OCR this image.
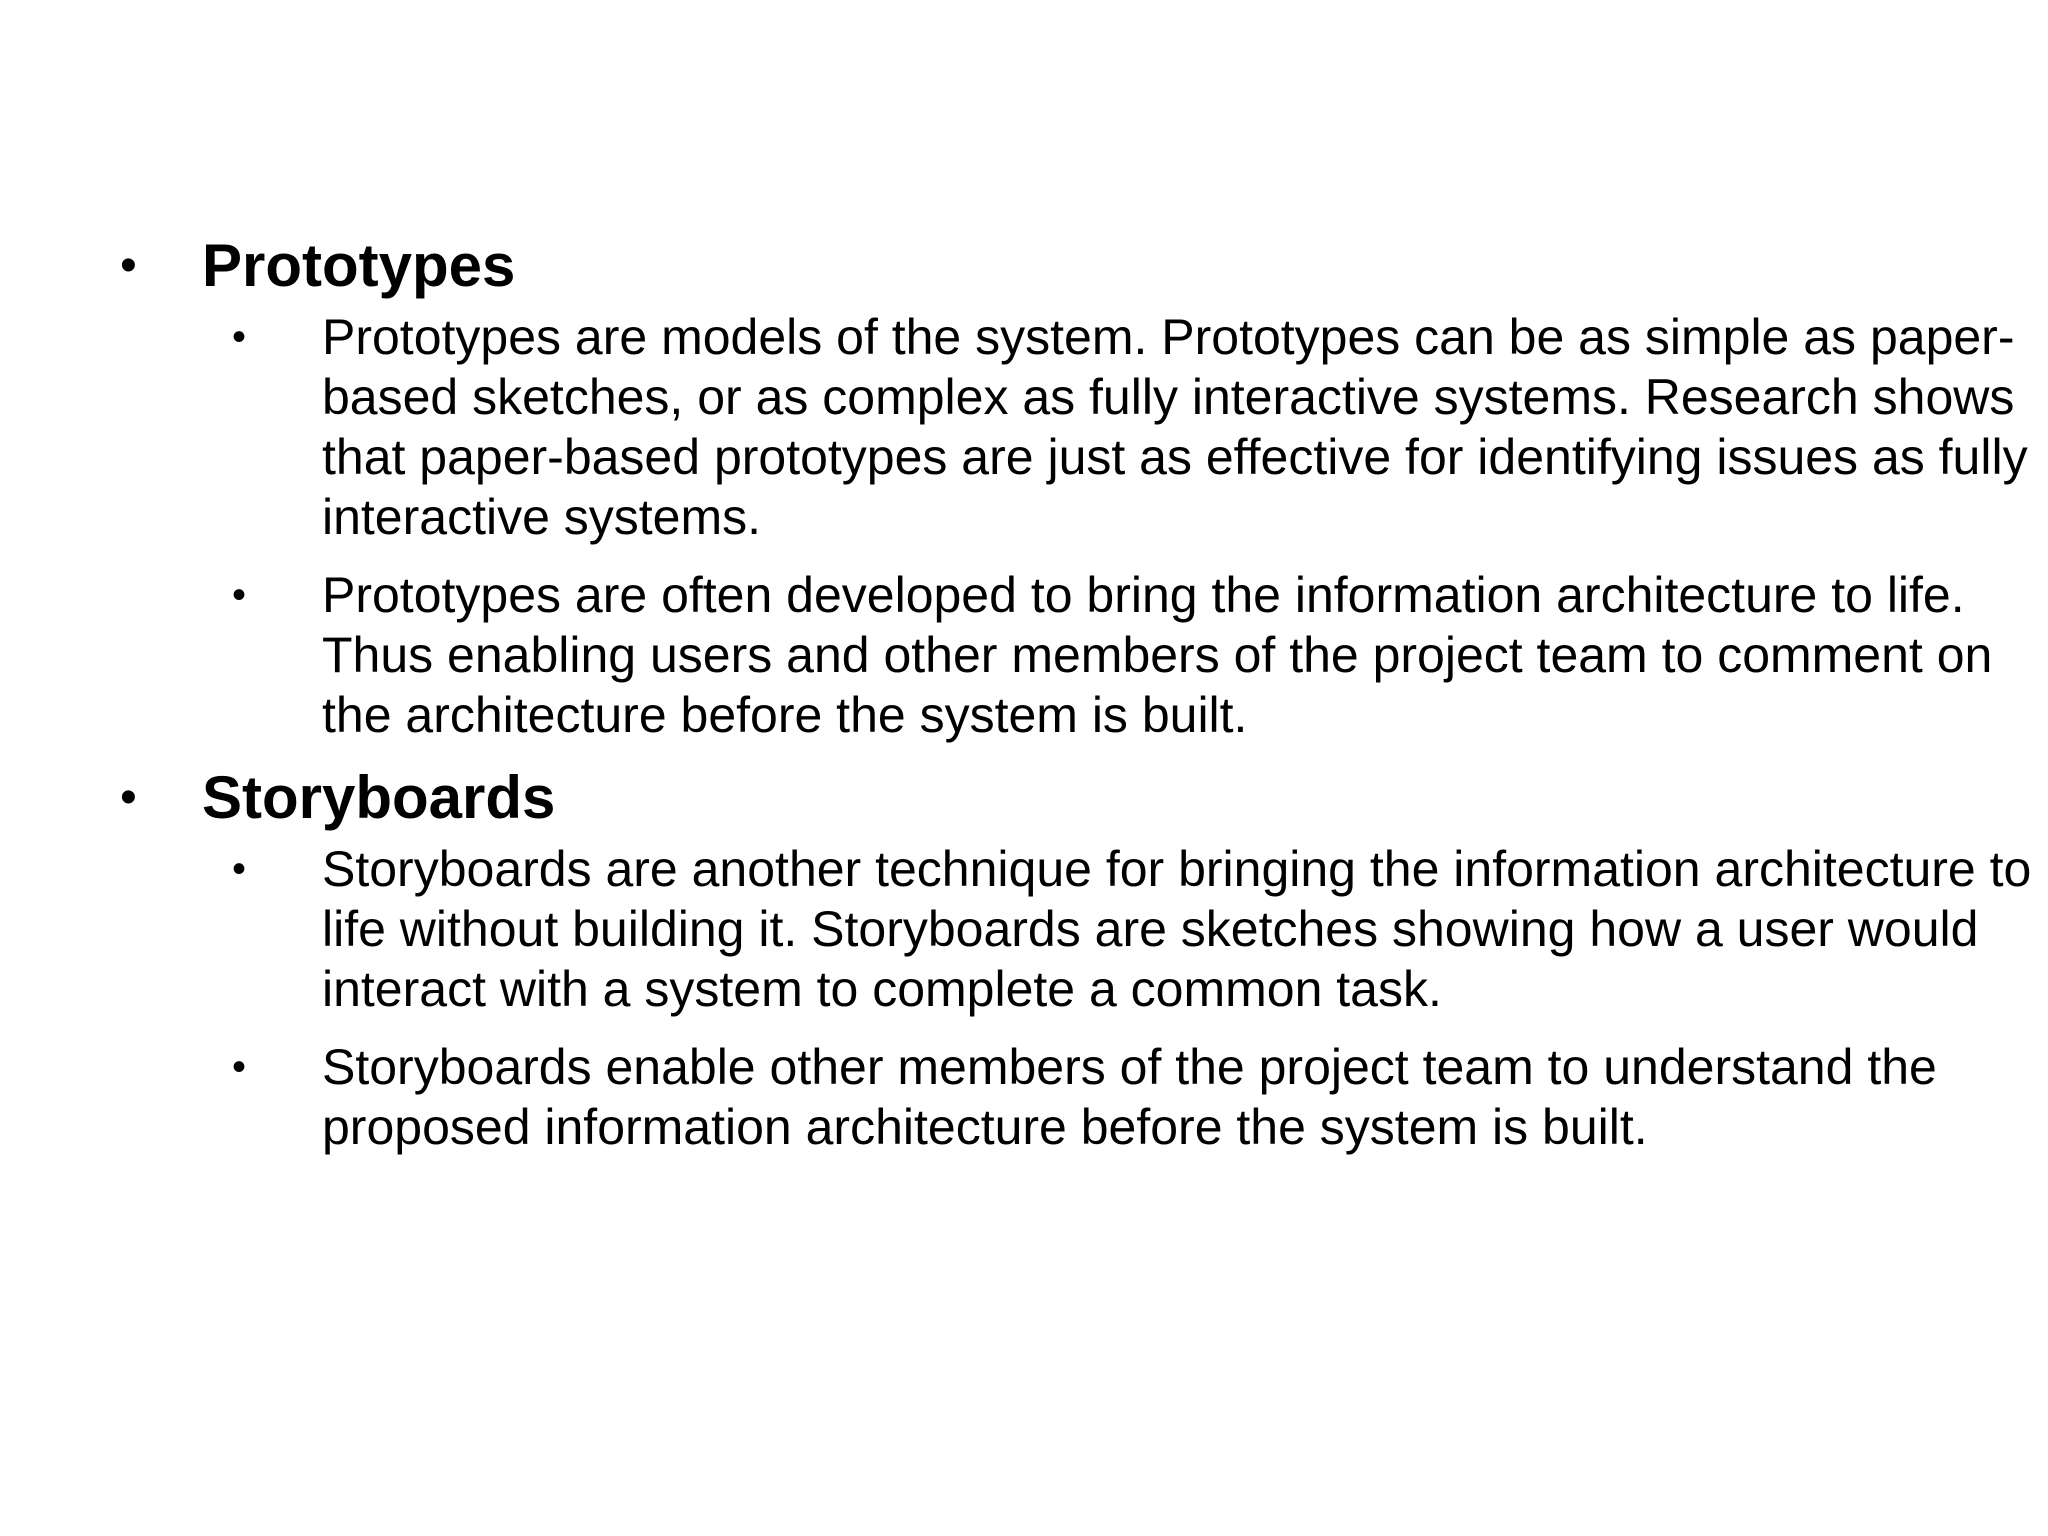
•	Prototypes
•	Prototypes are models of the system. Prototypes can be as simple as paper-based sketches, or as complex as fully interactive systems. Research shows that paper-based prototypes are just as effective for identifying issues as fully interactive systems.
•	Prototypes are often developed to bring the information architecture to life. Thus enabling users and other members of the project team to comment on the architecture before the system is built.
•	Storyboards
•	Storyboards are another technique for bringing the information architecture to life without building it. Storyboards are sketches showing how a user would interact with a system to complete a common task.
•	Storyboards enable other members of the project team to understand the proposed information architecture before the system is built.
